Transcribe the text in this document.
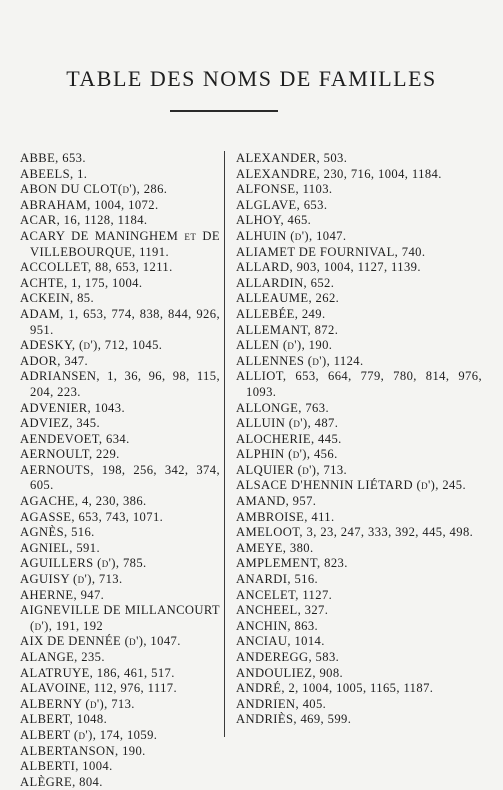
TABLE DES NOMS DE FAMILLES
ABBE, 653.
ABEELS, 1.
ABON DU CLOT(d'), 286.
ABRAHAM, 1004, 1072.
ACAR, 16, 1128, 1184.
ACARY DE MANINGHEM et DE VILLEBOURQUE, 1191.
ACCOLLET, 88, 653, 1211.
ACHTE, 1, 175, 1004.
ACKEIN, 85.
ADAM, 1, 653, 774, 838, 844, 926, 951.
ADESKY, (d'), 712, 1045.
ADOR, 347.
ADRIANSEN, 1, 36, 96, 98, 115, 204, 223.
ADVENIER, 1043.
ADVIEZ, 345.
AENDEVOET, 634.
AERNOULT, 229.
AERNOUTS, 198, 256, 342, 374, 605.
AGACHE, 4, 230, 386.
AGASSE, 653, 743, 1071.
AGNÈS, 516.
AGNIEL, 591.
AGUILLERS (d'), 785.
AGUISY (d'), 713.
AHERNE, 947.
AIGNEVILLE DE MILLANCOURT (d'), 191, 192
AIX DE DENNÉE (d'), 1047.
ALANGE, 235.
ALATRUYE, 186, 461, 517.
ALAVOINE, 112, 976, 1117.
ALBERNY (d'), 713.
ALBERT, 1048.
ALBERT (d'), 174, 1059.
ALBERTANSON, 190.
ALBERTI, 1004.
ALÈGRE, 804.
ALEXANDER, 503.
ALEXANDRE, 230, 716, 1004, 1184.
ALFONSE, 1103.
ALGLAVE, 653.
ALHOY, 465.
ALHUIN (d'), 1047.
ALIAMET DE FOURNIVAL, 740.
ALLARD, 903, 1004, 1127, 1139.
ALLARDIN, 652.
ALLEAUME, 262.
ALLEBÉE, 249.
ALLEMANT, 872.
ALLEN (d'), 190.
ALLENNES (d'), 1124.
ALLIOT, 653, 664, 779, 780, 814, 976, 1093.
ALLONGE, 763.
ALLUIN (d'), 487.
ALOCHERIE, 445.
ALPHIN (d'), 456.
ALQUIER (d'), 713.
ALSACE D'HENNIN LIÉTARD (d'), 245.
AMAND, 957.
AMBROISE, 411.
AMELOOT, 3, 23, 247, 333, 392, 445, 498.
AMEYE, 380.
AMPLEMENT, 823.
ANARDI, 516.
ANCELET, 1127.
ANCHEEL, 327.
ANCHIN, 863.
ANCIAU, 1014.
ANDEREGG, 583.
ANDOULIEZ, 908.
ANDRÉ, 2, 1004, 1005, 1165, 1187.
ANDRIEN, 405.
ANDRIÈS, 469, 599.
